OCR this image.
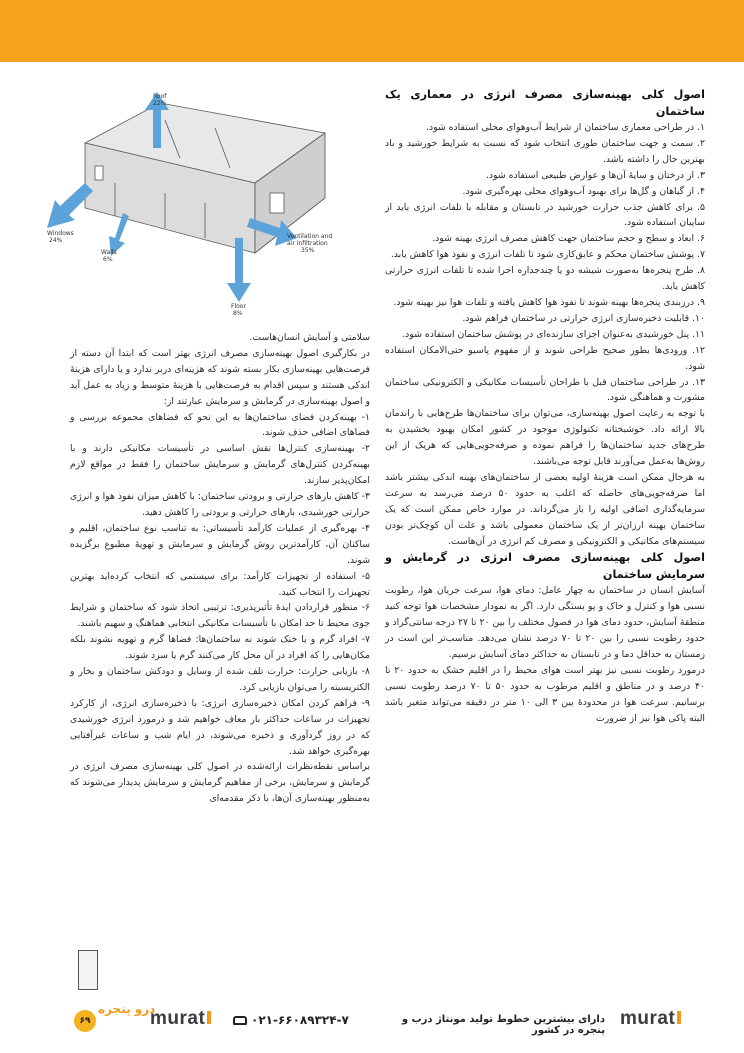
Roof
22%
Windows
24%
Walls
6%
Ventilation and
air infiltration
35%
Floor
8%

اصول کلی بهینه‌سازی مصرف انرژی در معماری یک ساختمان

۱. در طراحی معماری ساختمان از شرایط آب‌وهوای محلی استفاده شود.

۲. سمت و جهت ساختمان طوری انتخاب شود که نسبت به شرایط خورشید و باد بهترین حال را داشته باشد.

۳. از درختان و سایهٔ آن‌ها و عوارض طبیعی استفاده شود.

۴. از گیاهان و گل‌ها برای بهبود آب‌وهوای محلی بهره‌گیری شود.

۵. برای کاهش جذب حرارت خورشید در تابستان و مقابله با تلفات انرژی باید از سایبان استفاده شود.

۶. ابعاد و سطح و حجم ساختمان جهت کاهش مصرف انرژی بهینه شود.

۷. پوشش ساختمان محکم و عایق‌کاری شود تا تلفات انرژی و نفوذ هوا کاهش یابد.

۸. طرح پنجره‌ها به‌صورت شیشه دو یا چندجداره اجرا شده تا تلفات انرژی حرارتی کاهش یابد.

۹. درزبندی پنجره‌ها بهینه شوند تا نفوذ هوا کاهش یافته و تلفات هوا نیز بهینه شود.

۱۰. قابلیت ذخیره‌سازی انرژی حرارتی در ساختمان فراهم شود.

۱۱. پنل خورشیدی به‌عنوان اجزای سازنده‌ای در پوشش ساختمان استفاده شود.

۱۲. ورودی‌ها بطور صحیح طراحی شوند و از مفهوم پاسیو حتی‌الامکان استفاده شود.

۱۳. در طراحی ساختمان قبل با طراحان تأسیسات مکانیکی و الکترونیکی ساختمان مشورت و هماهنگی شود.

با توجه به رعایت اصول بهینه‌سازی، می‌توان برای ساختمان‌ها طرح‌هایی با راندمان بالا ارائه داد. خوشبختانه تکنولوژی موجود در کشور امکان بهبود بخشیدن به طرح‌های جدید ساختمان‌ها را فراهم نموده و صرفه‌جویی‌هایی که هریک از این روش‌ها به‌عمل می‌آورند قابل توجه می‌باشند.

به هرحال ممکن است هزینهٔ اولیه بعضی از ساختمان‌های بهینه اندکی بیشتر باشد اما صرفه‌جویی‌های حاصله که اغلب به حدود ۵۰ درصد می‌رسد به سرعت سرمایه‌گذاری اضافی اولیه را باز می‌گرداند. در موارد خاص ممکن است که یک ساختمان بهینه ارزان‌تر از یک ساختمان معمولی باشد و علت آن کوچک‌تر بودن سیستم‌های مکانیکی و الکترونیکی و مصرف کم انرژی در آن‌هاست.

اصول کلی بهینه‌سازی مصرف انرژی در گرمایش و سرمایش ساختمان

آسایش انسان در ساختمان به چهار عامل: دمای هوا، سرعت جریان هوا، رطوبت نسبی هوا و کنترل و خاک و پو بستگی دارد. اگر به نمودار مشخصات هوا توجه کنید منطقهٔ آسایش، حدود دمای هوا در فصول مختلف را بین ۲۰ تا ۲۷ درجه سانتی‌گراد و حدود رطوبت نسبی را بین ۲۰ تا ۷۰ درصد نشان می‌دهد. مناسب‌تر این است در زمستان به حداقل دما و در تابستان به حداکثر دمای آسایش برسیم.

درمورد رطوبت نسبی نیز بهتر است هوای محیط را در اقلیم خشک به حدود ۲۰ تا ۴۰ درصد و در مناطق و اقلیم مرطوب به حدود ۵۰ تا ۷۰ درصد رطوبت نسبی برسانیم. سرعت هوا در محدودهٔ بین ۳ الی ۱۰ متر در دقیقه می‌تواند متغیر باشد البته پاکی هوا نیز از ضرورت

سلامتی و آسایش انسان‌هاست.

در بکارگیری اصول بهینه‌سازی مصرف انرژی بهتر است که ابتدا آن دسته از فرصت‌هایی بهینه‌سازی بکار بسته شوند که هزینه‌ای دربر ندارد و یا دارای هزینهٔ اندکی هستند و سپس اقدام به فرصت‌هایی با هزینهٔ متوسط و زیاد به عمل آید و اصول بهینه‌سازی در گرمایش و سرمایش عبارتند از:

۱- بهینه‌کردن فضای ساختمان‌ها به این نحو که فضاهای مجموعه بررسی و فضاهای اضافی حذف شوند.

۲- بهینه‌سازی کنترل‌ها نقش اساسی در تأسیسات مکانیکی دارند و با بهینه‌کردن کنترل‌های گرمایش و سرمایش ساختمان را فقط در مواقع لازم امکان‌پذیر سازند.

۳- کاهش بارهای حرارتی و برودتی ساختمان: با کاهش میزان نفوذ هوا و انرژی حرارتی خورشیدی، بارهای حرارتی و برودتی را کاهش دهید.

۴- بهره‌گیری از عملیات کارآمد تأسیساتی: به تناسب نوع ساختمان، اقلیم و ساکنان آن، کارآمدترین روش گرمایش و سرمایش و تهویهٔ مطبوع برگزیده شوند.

۵- استفاده از تجهیزات کارآمد: برای سیستمی که انتخاب کرده‌اید بهترین تجهیزات را انتخاب کنید.

۶- منظور قراردادن ایدهٔ تأثیرپذیری: ترتیبی اتخاذ شود که ساختمان و شرایط جوی محیط تا حد امکان با تأسیسات مکانیکی انتخابی هماهنگ و سهیم باشند.

۷- افراد گرم و یا خنک شوند نه ساختمان‌ها: فضاها گرم و تهویه نشوند بلکه مکان‌هایی را که افراد در آن محل کار می‌کنند گرم یا سرد شوند.

۸- بازیابی حرارت: حرارت تلف شده از وسایل و دودکش ساختمان و بخار و الکتریسیته را می‌توان بازیابی کرد.

۹- فراهم کردن امکان ذخیره‌سازی انرژی: با ذخیره‌سازی انرژی، از کارکرد تجهیزات در ساعات حداکثر بار معاف خواهیم شد و درمورد انرژی خورشیدی که در روز گردآوری و ذخیره می‌شوند، در ایام شب و ساعات غیرآفتابی بهره‌گیری خواهد شد.

براساس نقطه‌نظرات ارائه‌شده در اصول کلی بهینه‌سازی مصرف انرژی در گرمایش و سرمایش، برخی از مفاهیم گرمایش و سرمایش پدیدار می‌شوند که به‌منظور بهینه‌سازی آن‌ها، با ذکر مقدمه‌ای

۶۹
درو پنجره
murat	۰۲۱-۶۶۰۸۹۳۲۴-۷	دارای بیشترین خطوط تولید مونتاژ درب و پنجره در کشور
murat
